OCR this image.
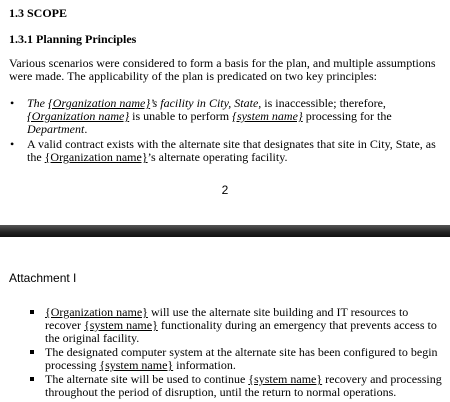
1.3 SCOPE
1.3.1 Planning Principles
Various scenarios were considered to form a basis for the plan, and multiple assumptions were made. The applicability of the plan is predicated on two key principles:
• The {Organization name}’s facility in City, State, is inaccessible; therefore, {Organization name} is unable to perform {system name} processing for the Department.
• A valid contract exists with the alternate site that designates that site in City, State, as the {Organization name}’s alternate operating facility.
2
Attachment I
{Organization name} will use the alternate site building and IT resources to recover {system name} functionality during an emergency that prevents access to the original facility.
The designated computer system at the alternate site has been configured to begin processing {system name} information.
The alternate site will be used to continue {system name} recovery and processing throughout the period of disruption, until the return to normal operations.
